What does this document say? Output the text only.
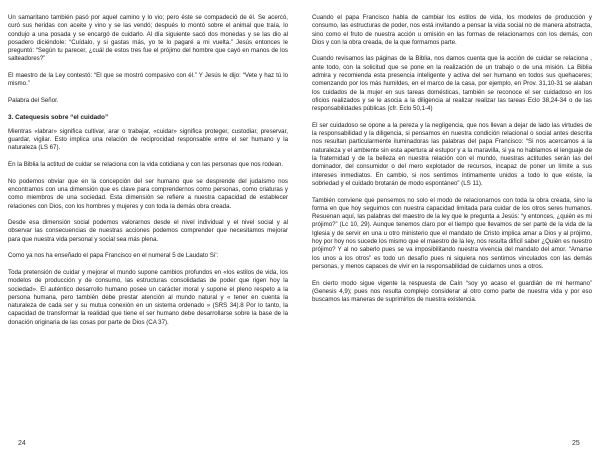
Un samaritano también pasó por aquel camino y lo vio; pero éste se compadeció de él. Se acercó, curó sus heridas con aceite y vino y se las vendó; después lo montó sobre el animal que traía, lo condujo a una posada y se encargó de cuidarlo. Al día siguiente sacó dos monedas y se las dio al posadero diciéndole: “Cuídalo, y si gastas más, yo te lo pagaré a mi vuelta.” Jesús entonces le preguntó: “Según tu parecer, ¿cuál de estos tres fue el prójimo del hombre que cayó en manos de los salteadores?”

El maestro de la Ley contestó: “El que se mostró compasivo con él.” Y Jesús le dijo: “Vete y haz tú lo mismo.”

Palabra del Señor.

3. Catequesis sobre “el cuidado”

Mientras «labrar» significa cultivar, arar o trabajar, «cuidar» significa proteger, custodiar, preservar, guardar, vigilar. Esto implica una relación de reciprocidad responsable entre el ser humano y la naturaleza (LS 67).

En la Biblia la actitud de cuidar se relaciona con la vida cotidiana y con las personas que nos rodean.

No podemos obviar que en la concepción del ser humano que se desprende del judaísmo nos encontramos con una dimensión que es clave para comprendernos como personas, como criaturas y como miembros de una sociedad. Esta dimensión se refiere a nuestra capacidad de establecer relaciones con Dios, con los hombres y mujeres y con toda la demás obra creada.

Desde esa dimensión social podemos valorarnos desde el nivel individual y el nivel social y al observar las consecuencias de nuestras acciones podemos comprender que necesitamos mejorar para que nuestra vida personal y social sea más plena.

Como ya nos ha enseñado el papa Francisco en el numeral 5 de Laudato Si’:

Toda pretensión de cuidar y mejorar el mundo supone cambios profundos en «los estilos de vida, los modelos de producción y de consumo, las estructuras consolidadas de poder que rigen hoy la sociedad». El auténtico desarrollo humano posee un carácter moral y supone el pleno respeto a la persona humana, pero también debe prestar atención al mundo natural y « tener en cuenta la naturaleza de cada ser y su mutua conexión en un sistema ordenado » (SRS 34).8 Por lo tanto, la capacidad de transformar la realidad que tiene el ser humano debe desarrollarse sobre la base de la donación originaria de las cosas por parte de Dios (CA 37).

Cuando el papa Francisco habla de cambiar los estilos de vida, los modelos de producción y consumo, las estructuras de poder, nos está invitando a pensar la vida social no de manera abstracta, sino como el fruto de nuestra acción u omisión en las formas de relacionarnos con los demás, con Dios y con la obra creada, de la que formamos parte.

Cuando revisamos las páginas de la Biblia, nos damos cuenta que la acción de cuidar se relaciona , ante todo, con la solicitud que se pone en la realización de un trabajo o de una misión. La Biblia admira y recomienda esta presencia inteligente y activa del ser humano en todos sus quehaceres; comenzando por los más humildes, en el marco de la casa, por ejemplo, en Prov. 31,10-31 se alaban los cuidados de la mujer en sus tareas domésticas, también se reconoce el ser cuidadoso en los oficios realizados y se le asocia a la diligencia al realizar realizar las tareas Eclo 38,24-34 o de las responsabilidades públicas (cfr. Eclo 50,1-4)

El ser cuidadoso se opone a la pereza y la negligencia, que nos llevan a dejar de lado las virtudes de la responsabilidad y la diligencia, si pensamos en nuestra condición relacional o social antes descrita nos resultan particularmente iluminadoras las palabras del papa Francisco: “Si nos acercamos a la naturaleza y el ambiente sin esta apertura al estupor y a la maravilla, si ya no hablamos el lenguaje de la fraternidad y de la belleza en nuestra relación con el mundo, nuestras actitudes serán las del dominador, del consumidor o del mero explotador de recursos, incapaz de poner un límite a sus intereses inmediatos. En cambio, si nos sentimos íntimamente unidos a todo lo que existe, la sobriedad y el cuidado brotarán de modo espontáneo” (LS 11).

También conviene que pensemos no solo el modo de relacionarnos con toda la obra creada, sino la forma en que hoy seguimos con nuestra capacidad limitada para cuidar de los otros seres humanos. Resuenan aquí, las palabras del maestro de la ley que le pregunta a Jesús: “y entonces, ¿quién es mi prójimo?” (Lc 10, 29). Aunque tenemos claro por el tiempo que llevamos de ser parte de la vida de la Iglesia y de servir en una u otro ministerio que el mandato de Cristo implica amar a Dios y al prójimo, hoy por hoy nos sucede los mismo que el maestro de la ley, nos resulta difícil saber ¿Quién es nuestro prójimo? Y al no saberlo pues se va imposibilitando nuestra vivencia del mandato del amor. “Amarse los unos a los otros” es todo un desafío pues ni siquiera nos sentimos vinculados con las demás personas, y menos capaces de vivir en la responsabilidad de cuidarnos unos a otros.

En cierto modo sigue vigente la respuesta de Caín “soy yo acaso el guardián de mi hermano” (Genesis 4,9); pues nos resulta complejo considerar al otro como parte de nuestra vida y por eso buscamos las maneras de suprimirlos de nuestra existencia.

24	25
